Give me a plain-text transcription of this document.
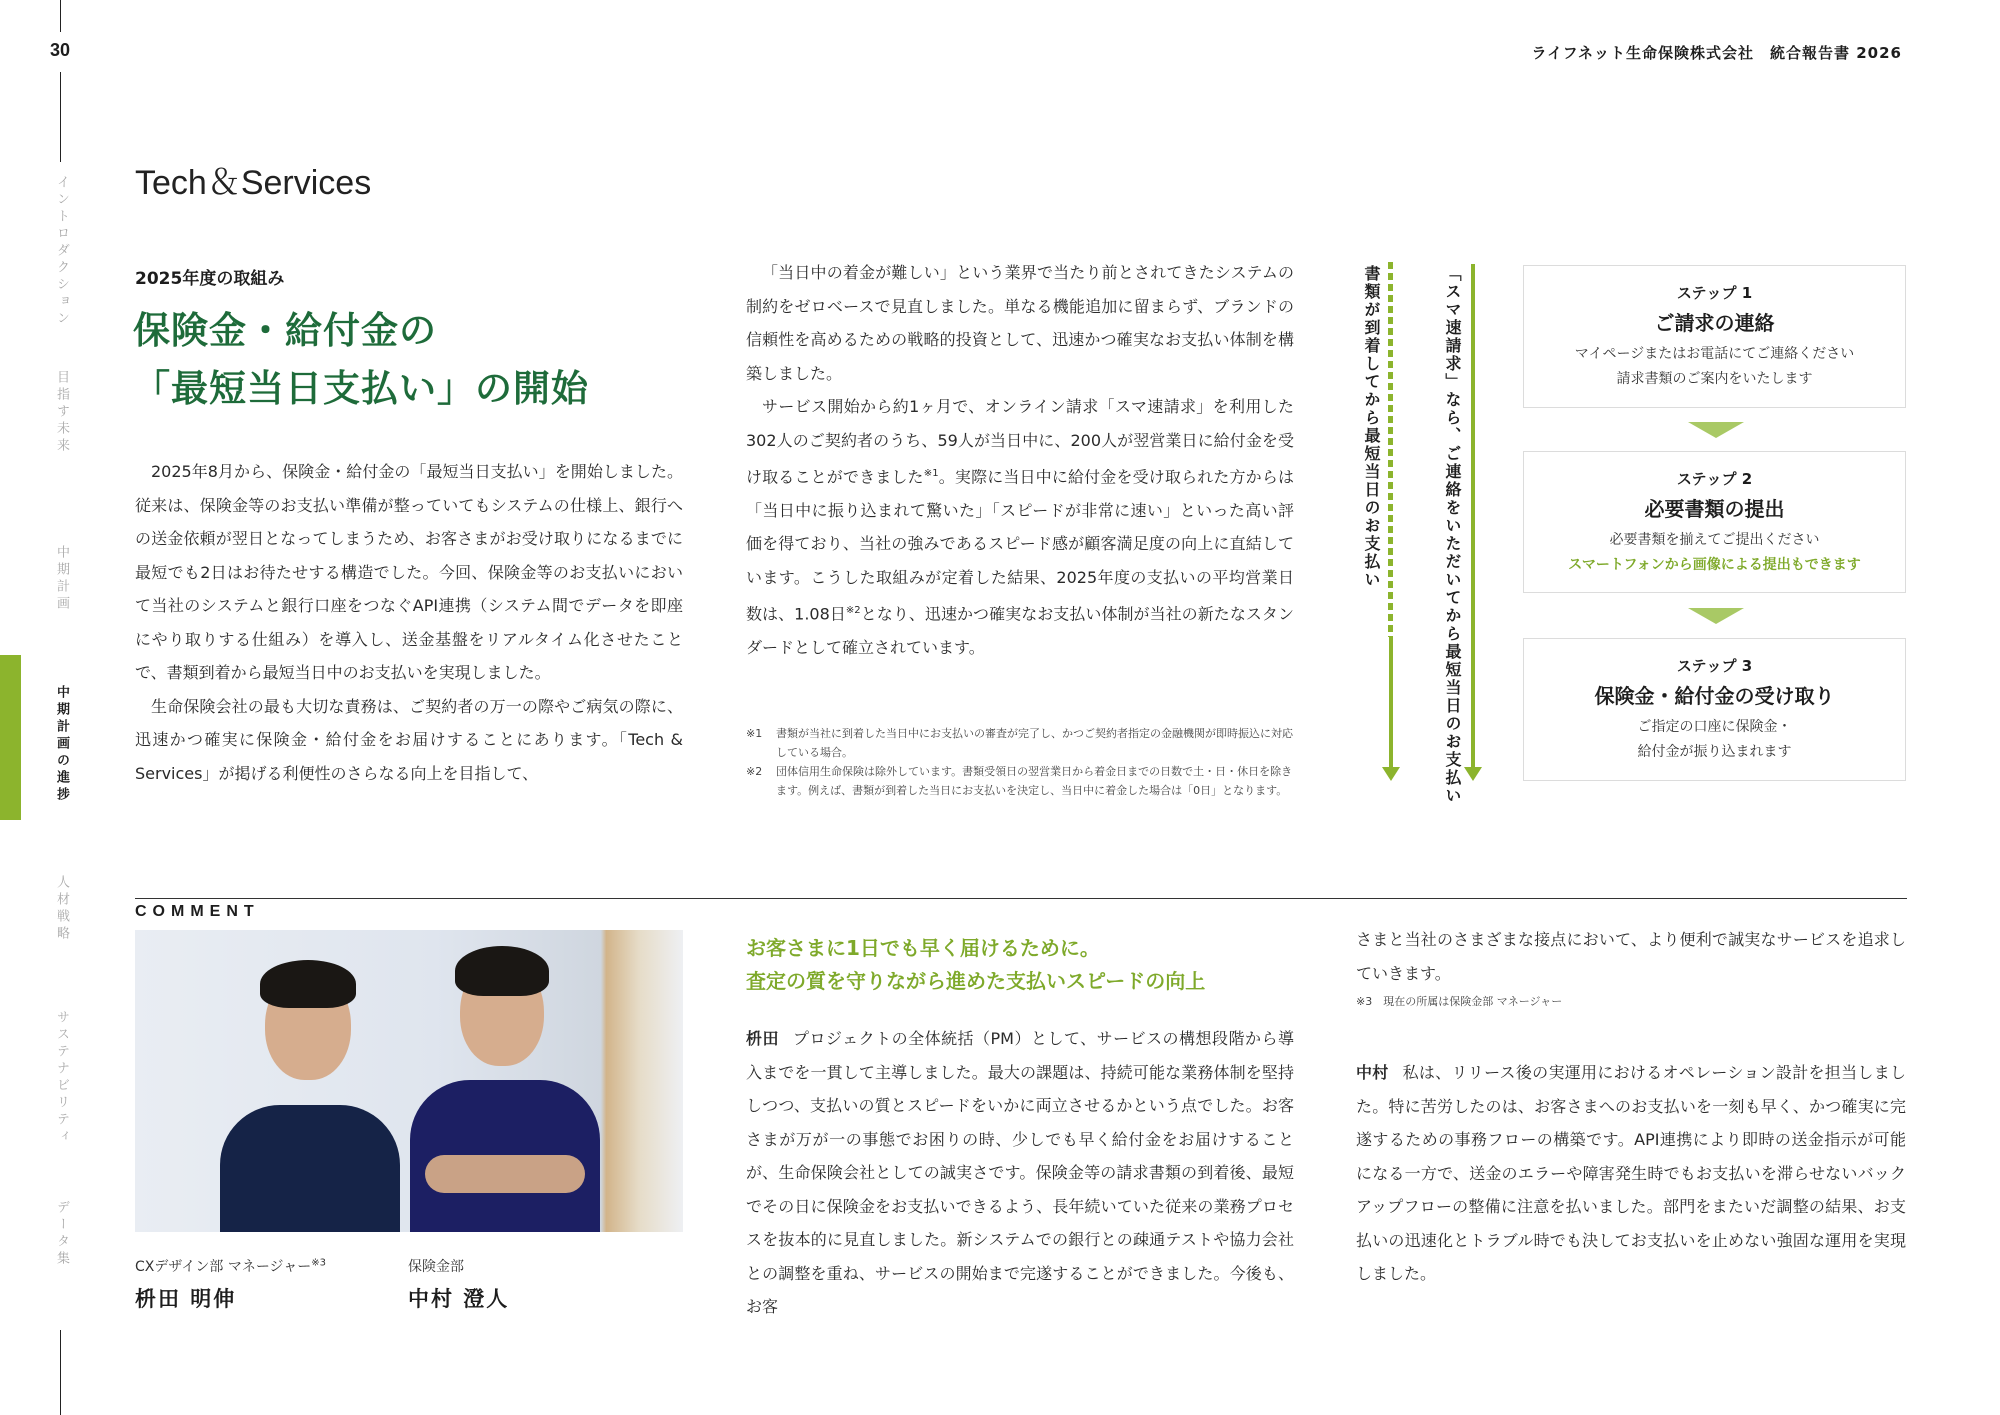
30
イントロダクション
目指す未来
中期計画
中期計画の進捗
人材戦略
サステナビリティ
データ集
ライフネット生命保険株式会社　統合報告書 2026
Tech＆Services
2025年度の取組み
保険金・給付金の
「最短当日支払い」の開始

2025年8月から、保険金・給付金の「最短当日支払い」を開始しました。従来は、保険金等のお支払い準備が整っていてもシステムの仕様上、銀行への送金依頼が翌日となってしまうため、お客さまがお受け取りになるまでに最短でも2日はお待たせする構造でした。今回、保険金等のお支払いにおいて当社のシステムと銀行口座をつなぐAPI連携（システム間でデータを即座にやり取りする仕組み）を導入し、送金基盤をリアルタイム化させたことで、書類到着から最短当日中のお支払いを実現しました。

生命保険会社の最も大切な責務は、ご契約者の万一の際やご病気の際に、迅速かつ確実に保険金・給付金をお届けすることにあります。「Tech & Services」が掲げる利便性のさらなる向上を目指して、

「当日中の着金が難しい」という業界で当たり前とされてきたシステムの制約をゼロベースで見直しました。単なる機能追加に留まらず、ブランドの信頼性を高めるための戦略的投資として、迅速かつ確実なお支払い体制を構築しました。

サービス開始から約1ヶ月で、オンライン請求「スマ速請求」を利用した302人のご契約者のうち、59人が当日中に、200人が翌営業日に給付金を受け取ることができました$^{※1}$。実際に当日中に給付金を受け取られた方からは「当日中に振り込まれて驚いた」「スピードが非常に速い」といった高い評価を得ており、当社の強みであるスピード感が顧客満足度の向上に直結しています。こうした取組みが定着した結果、2025年度の支払いの平均営業日数は、1.08日$^{※2}$となり、迅速かつ確実なお支払い体制が当社の新たなスタンダードとして確立されています。

※1	書類が当社に到着した当日中にお支払いの審査が完了し、かつご契約者指定の金融機関が即時振込に対応している場合。
※2	団体信用生命保険は除外しています。書類受領日の翌営業日から着金日までの日数で土・日・休日を除きます。例えば、書類が到着した当日にお支払いを決定し、当日中に着金した場合は「0日」となります。
書類が到着してから最短当日のお支払い	「スマ速請求」なら、ご連絡をいただいてから最短当日のお支払い	ステップ 1
ご請求の連絡
マイページまたはお電話にてご連絡ください
請求書類のご案内をいたします
ステップ 2
必要書類の提出
必要書類を揃えてご提出ください
スマートフォンから画像による提出もできます
ステップ 3
保険金・給付金の受け取り
ご指定の口座に保険金・
給付金が振り込まれます
COMMENT
CXデザイン部 マネージャー$^{※3}$
枡田 明伸
保険金部
中村 澄人
お客さまに1日でも早く届けるために。
査定の質を守りながら進めた支払いスピードの向上
枡田 プロジェクトの全体統括（PM）として、サービスの構想段階から導入までを一貫して主導しました。最大の課題は、持続可能な業務体制を堅持しつつ、支払いの質とスピードをいかに両立させるかという点でした。お客さまが万が一の事態でお困りの時、少しでも早く給付金をお届けすることが、生命保険会社としての誠実さです。保険金等の請求書類の到着後、最短でその日に保険金をお支払いできるよう、長年続いていた従来の業務プロセスを抜本的に見直しました。新システムでの銀行との疎通テストや協力会社との調整を重ね、サービスの開始まで完遂することができました。今後も、お客
さまと当社のさまざまな接点において、より便利で誠実なサービスを追求していきます。
※3　現在の所属は保険金部 マネージャー
中村 私は、リリース後の実運用におけるオペレーション設計を担当しました。特に苦労したのは、お客さまへのお支払いを一刻も早く、かつ確実に完遂するための事務フローの構築です。API連携により即時の送金指示が可能になる一方で、送金のエラーや障害発生時でもお支払いを滞らせないバックアップフローの整備に注意を払いました。部門をまたいだ調整の結果、お支払いの迅速化とトラブル時でも決してお支払いを止めない強固な運用を実現しました。
